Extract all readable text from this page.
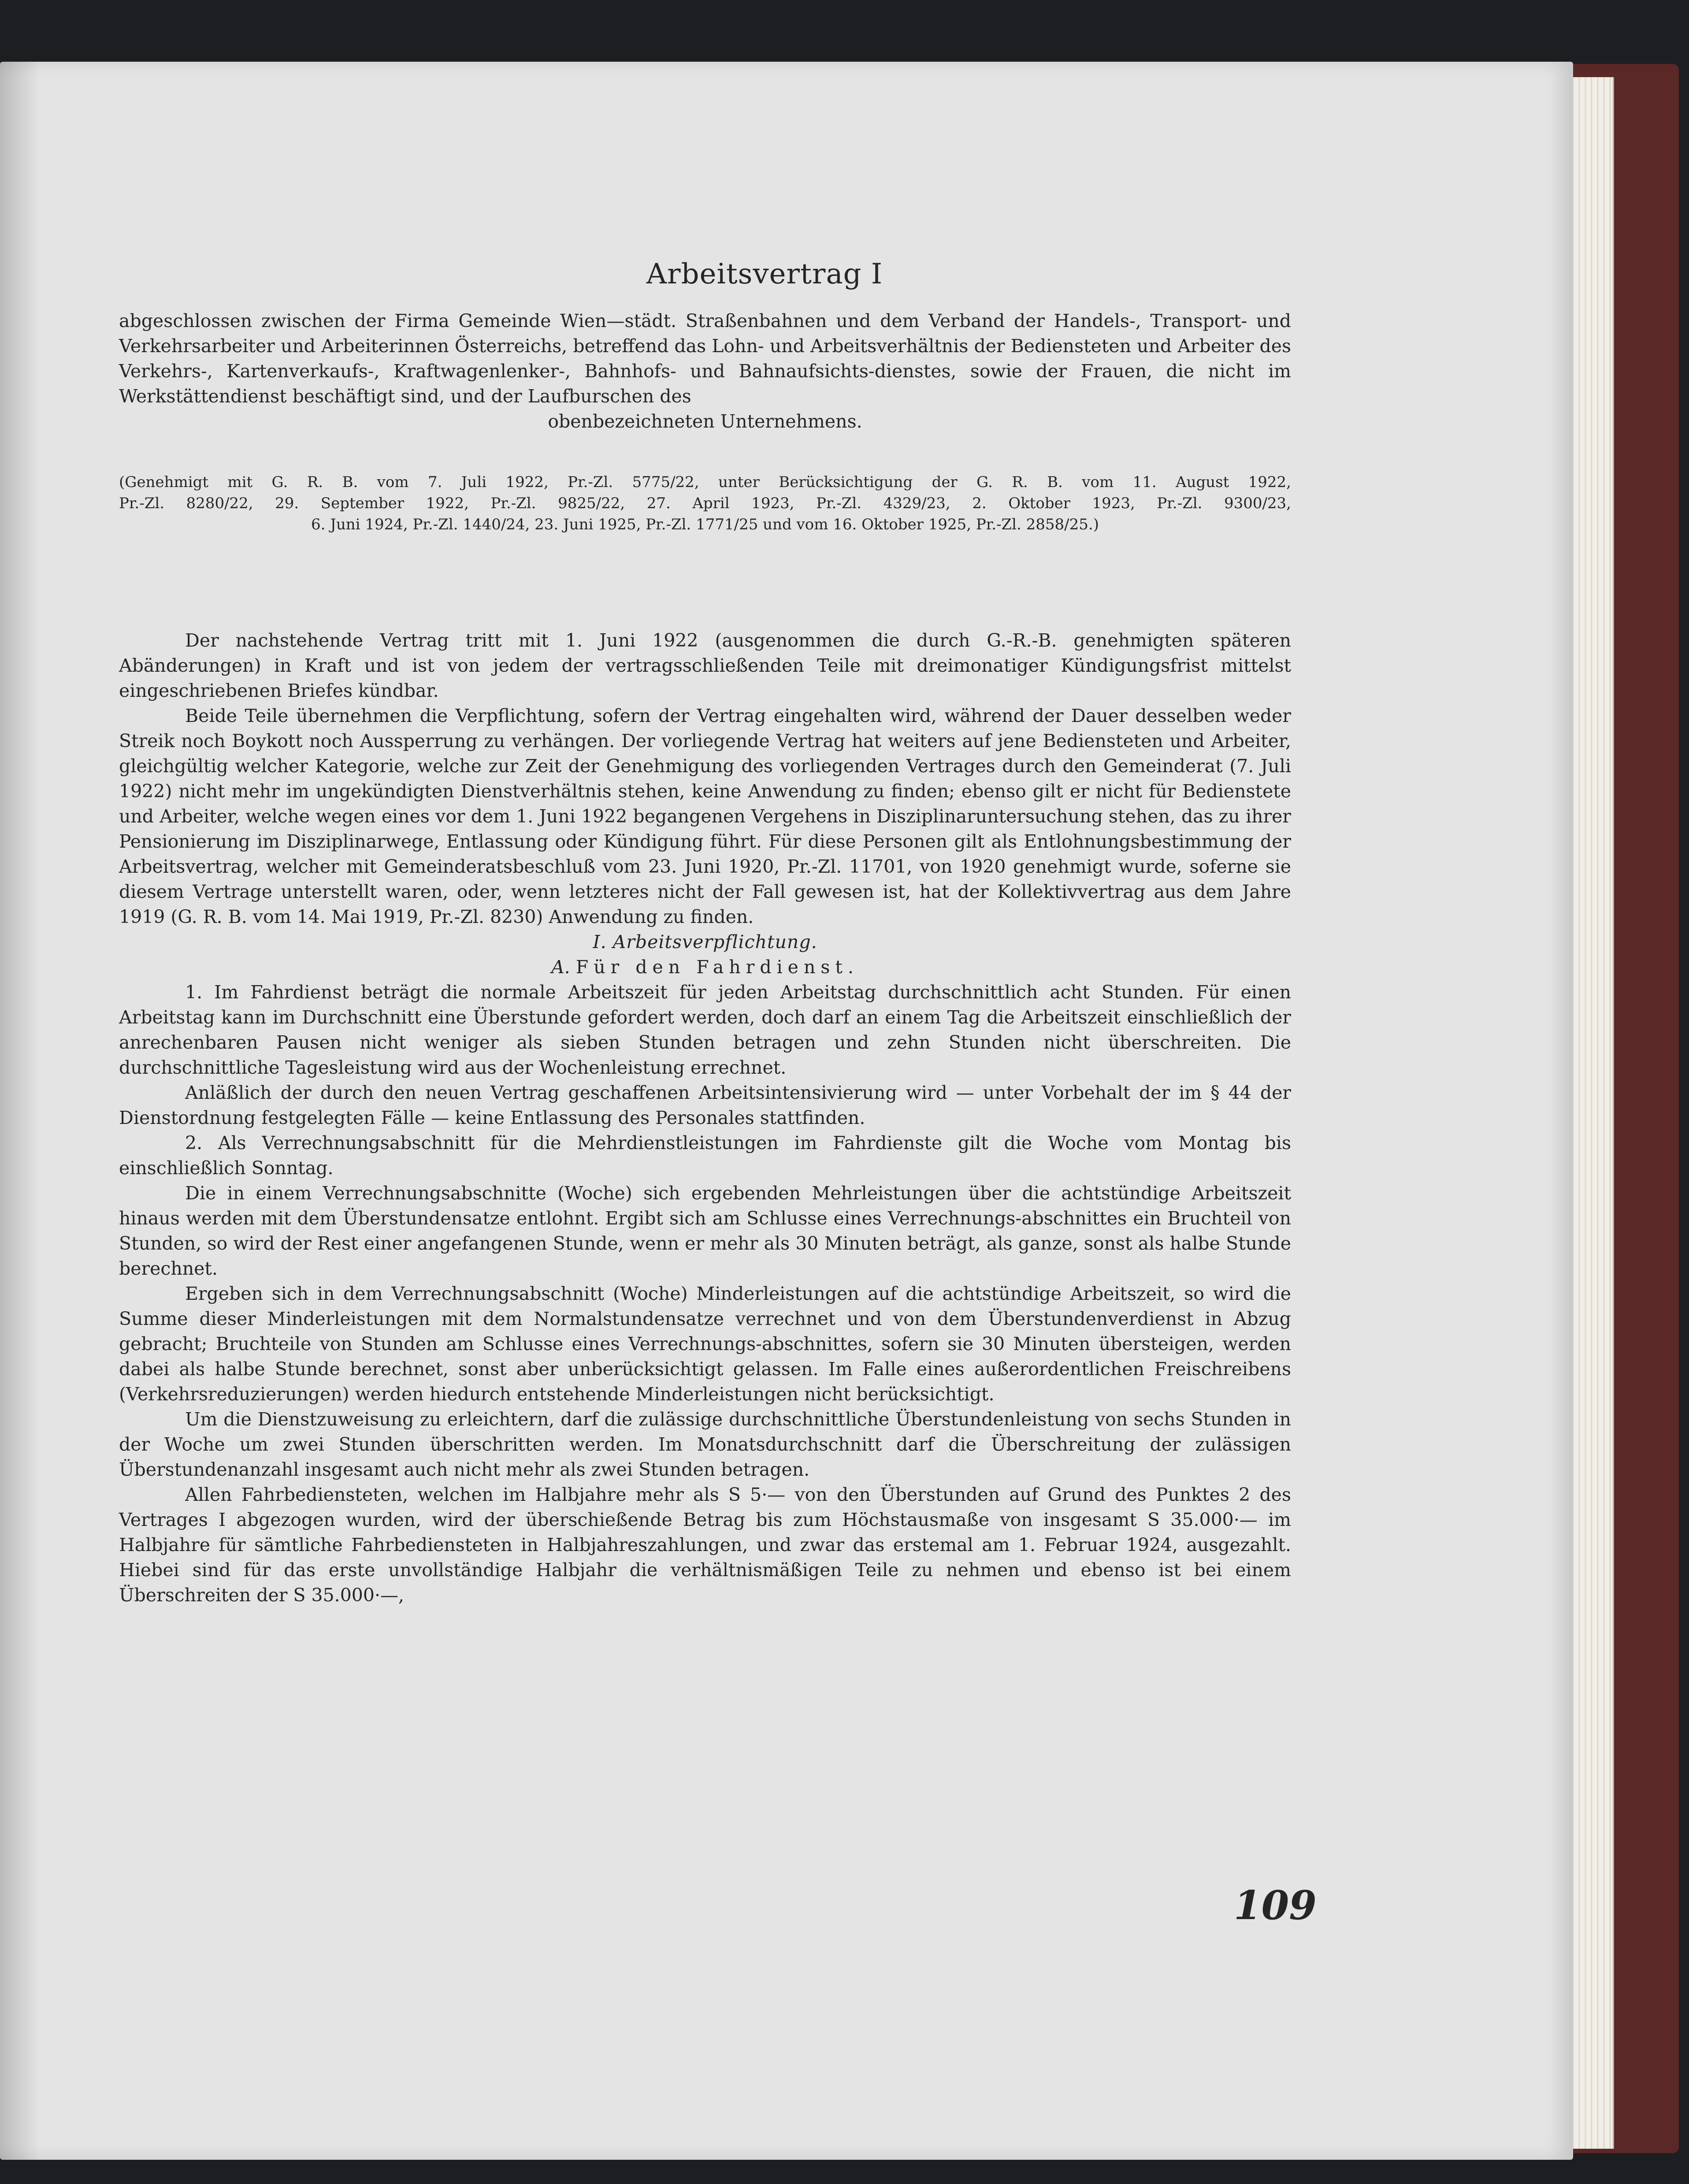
Arbeitsvertrag I
abgeschlossen zwischen der Firma Gemeinde Wien—städt. Straßenbahnen und dem Verband der Handels-, Transport- und Verkehrsarbeiter und Arbeiterinnen Österreichs, betreffend das Lohn- und Arbeitsverhältnis der Bediensteten und Arbeiter des Verkehrs-, Kartenverkaufs-, Kraftwagenlenker-, Bahnhofs- und Bahnaufsichts-dienstes, sowie der Frauen, die nicht im Werkstättendienst beschäftigt sind, und der Laufburschen des
obenbezeichneten Unternehmens.
(Genehmigt mit G. R. B. vom 7. Juli 1922, Pr.-Zl. 5775/22, unter Berücksichtigung der G. R. B. vom 11. August 1922,
Pr.-Zl. 8280/22, 29. September 1922, Pr.-Zl. 9825/22, 27. April 1923, Pr.-Zl. 4329/23, 2. Oktober 1923, Pr.-Zl. 9300/23,
6. Juni 1924, Pr.-Zl. 1440/24, 23. Juni 1925, Pr.-Zl. 1771/25 und vom 16. Oktober 1925, Pr.-Zl. 2858/25.)

Der nachstehende Vertrag tritt mit 1. Juni 1922 (ausgenommen die durch G.-R.-B. genehmigten späteren Abänderungen) in Kraft und ist von jedem der vertragsschließenden Teile mit dreimonatiger Kündigungsfrist mittelst eingeschriebenen Briefes kündbar.

Beide Teile übernehmen die Verpflichtung, sofern der Vertrag eingehalten wird, während der Dauer desselben weder Streik noch Boykott noch Aussperrung zu verhängen. Der vorliegende Vertrag hat weiters auf jene Bediensteten und Arbeiter, gleichgültig welcher Kategorie, welche zur Zeit der Genehmigung des vorliegenden Vertrages durch den Gemeinderat (7. Juli 1922) nicht mehr im ungekündigten Dienstverhältnis stehen, keine Anwendung zu finden; ebenso gilt er nicht für Bedienstete und Arbeiter, welche wegen eines vor dem 1. Juni 1922 begangenen Vergehens in Disziplinaruntersuchung stehen, das zu ihrer Pensionierung im Disziplinarwege, Entlassung oder Kündigung führt. Für diese Personen gilt als Entlohnungsbestimmung der Arbeitsvertrag, welcher mit Gemeinderatsbeschluß vom 23. Juni 1920, Pr.-Zl. 11701, von 1920 genehmigt wurde, soferne sie diesem Vertrage unterstellt waren, oder, wenn letzteres nicht der Fall gewesen ist, hat der Kollektivvertrag aus dem Jahre 1919 (G. R. B. vom 14. Mai 1919, Pr.-Zl. 8230) Anwendung zu finden.

I. Arbeitsverpflichtung.

A. Für den Fahrdienst.

1. Im Fahrdienst beträgt die normale Arbeitszeit für jeden Arbeitstag durchschnittlich acht Stunden. Für einen Arbeitstag kann im Durchschnitt eine Überstunde gefordert werden, doch darf an einem Tag die Arbeitszeit einschließlich der anrechenbaren Pausen nicht weniger als sieben Stunden betragen und zehn Stunden nicht überschreiten. Die durchschnittliche Tagesleistung wird aus der Wochenleistung errechnet.

Anläßlich der durch den neuen Vertrag geschaffenen Arbeitsintensivierung wird — unter Vorbehalt der im § 44 der Dienstordnung festgelegten Fälle — keine Entlassung des Personales stattfinden.

2. Als Verrechnungsabschnitt für die Mehrdienstleistungen im Fahrdienste gilt die Woche vom Montag bis einschließlich Sonntag.

Die in einem Verrechnungsabschnitte (Woche) sich ergebenden Mehrleistungen über die achtstündige Arbeitszeit hinaus werden mit dem Überstundensatze entlohnt. Ergibt sich am Schlusse eines Verrechnungs-abschnittes ein Bruchteil von Stunden, so wird der Rest einer angefangenen Stunde, wenn er mehr als 30 Minuten beträgt, als ganze, sonst als halbe Stunde berechnet.

Ergeben sich in dem Verrechnungsabschnitt (Woche) Minderleistungen auf die achtstündige Arbeitszeit, so wird die Summe dieser Minderleistungen mit dem Normalstundensatze verrechnet und von dem Überstundenverdienst in Abzug gebracht; Bruchteile von Stunden am Schlusse eines Verrechnungs-abschnittes, sofern sie 30 Minuten übersteigen, werden dabei als halbe Stunde berechnet, sonst aber unberücksichtigt gelassen. Im Falle eines außerordentlichen Freischreibens (Verkehrsreduzierungen) werden hiedurch entstehende Minderleistungen nicht berücksichtigt.

Um die Dienstzuweisung zu erleichtern, darf die zulässige durchschnittliche Überstundenleistung von sechs Stunden in der Woche um zwei Stunden überschritten werden. Im Monatsdurchschnitt darf die Überschreitung der zulässigen Überstundenanzahl insgesamt auch nicht mehr als zwei Stunden betragen.

Allen Fahrbediensteten, welchen im Halbjahre mehr als S 5·— von den Überstunden auf Grund des Punktes 2 des Vertrages I abgezogen wurden, wird der überschießende Betrag bis zum Höchstausmaße von insgesamt S 35.000·— im Halbjahre für sämtliche Fahrbediensteten in Halbjahreszahlungen, und zwar das erstemal am 1. Februar 1924, ausgezahlt. Hiebei sind für das erste unvollständige Halbjahr die verhältnismäßigen Teile zu nehmen und ebenso ist bei einem Überschreiten der S 35.000·—,

109
